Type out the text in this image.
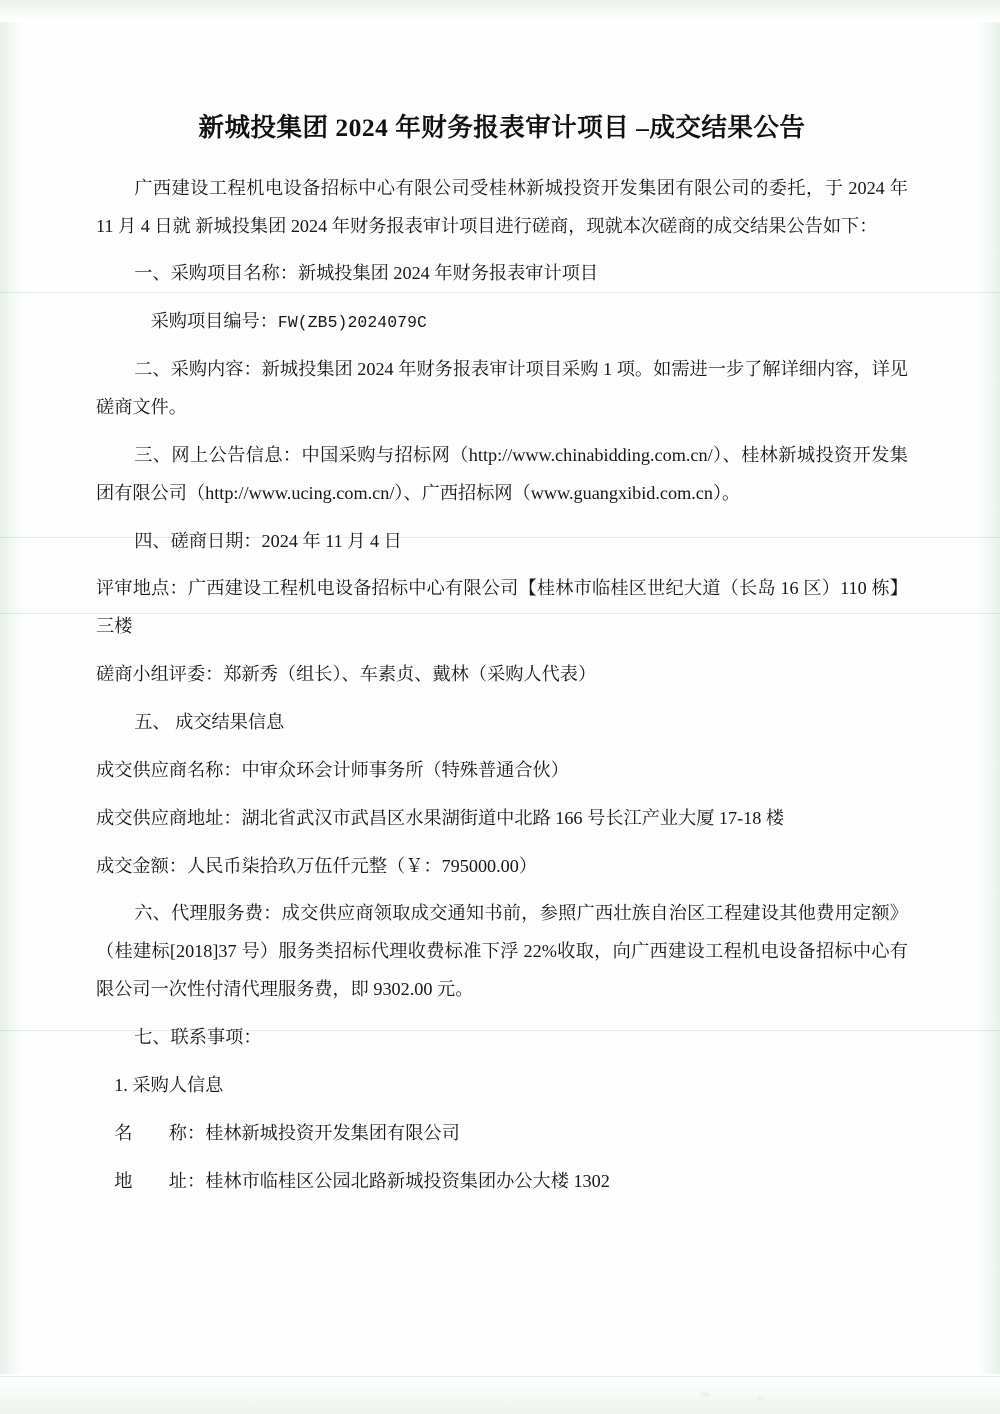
新城投集团 2024 年财务报表审计项目 –成交结果公告

广西建设工程机电设备招标中心有限公司受桂林新城投资开发集团有限公司的委托，于 2024 年 11 月 4 日就 新城投集团 2024 年财务报表审计项目进行磋商，现就本次磋商的成交结果公告如下：

一、采购项目名称：新城投集团 2024 年财务报表审计项目

采购项目编号：FW(ZB5)2024079C

二、采购内容：新城投集团 2024 年财务报表审计项目采购 1 项。如需进一步了解详细内容，详见磋商文件。

三、网上公告信息：中国采购与招标网（http://www.chinabidding.com.cn/）、桂林新城投资开发集团有限公司（http://www.ucing.com.cn/）、广西招标网（www.guangxibid.com.cn）。

四、磋商日期：2024 年 11 月 4 日

评审地点：广西建设工程机电设备招标中心有限公司【桂林市临桂区世纪大道（长岛 16 区）110 栋】三楼

磋商小组评委：郑新秀（组长）、车素贞、戴林（采购人代表）

五、 成交结果信息

成交供应商名称：中审众环会计师事务所（特殊普通合伙）

成交供应商地址：湖北省武汉市武昌区水果湖街道中北路 166 号长江产业大厦 17-18 楼

成交金额：人民币柒拾玖万伍仟元整（￥：795000.00）

六、代理服务费：成交供应商领取成交通知书前，参照广西壮族自治区工程建设其他费用定额》（桂建标[2018]37 号）服务类招标代理收费标准下浮 22%收取，向广西建设工程机电设备招标中心有限公司一次性付清代理服务费，即 9302.00 元。

七、联系事项：

1. 采购人信息

名　　称：桂林新城投资开发集团有限公司

地　　址：桂林市临桂区公园北路新城投资集团办公大楼 1302
